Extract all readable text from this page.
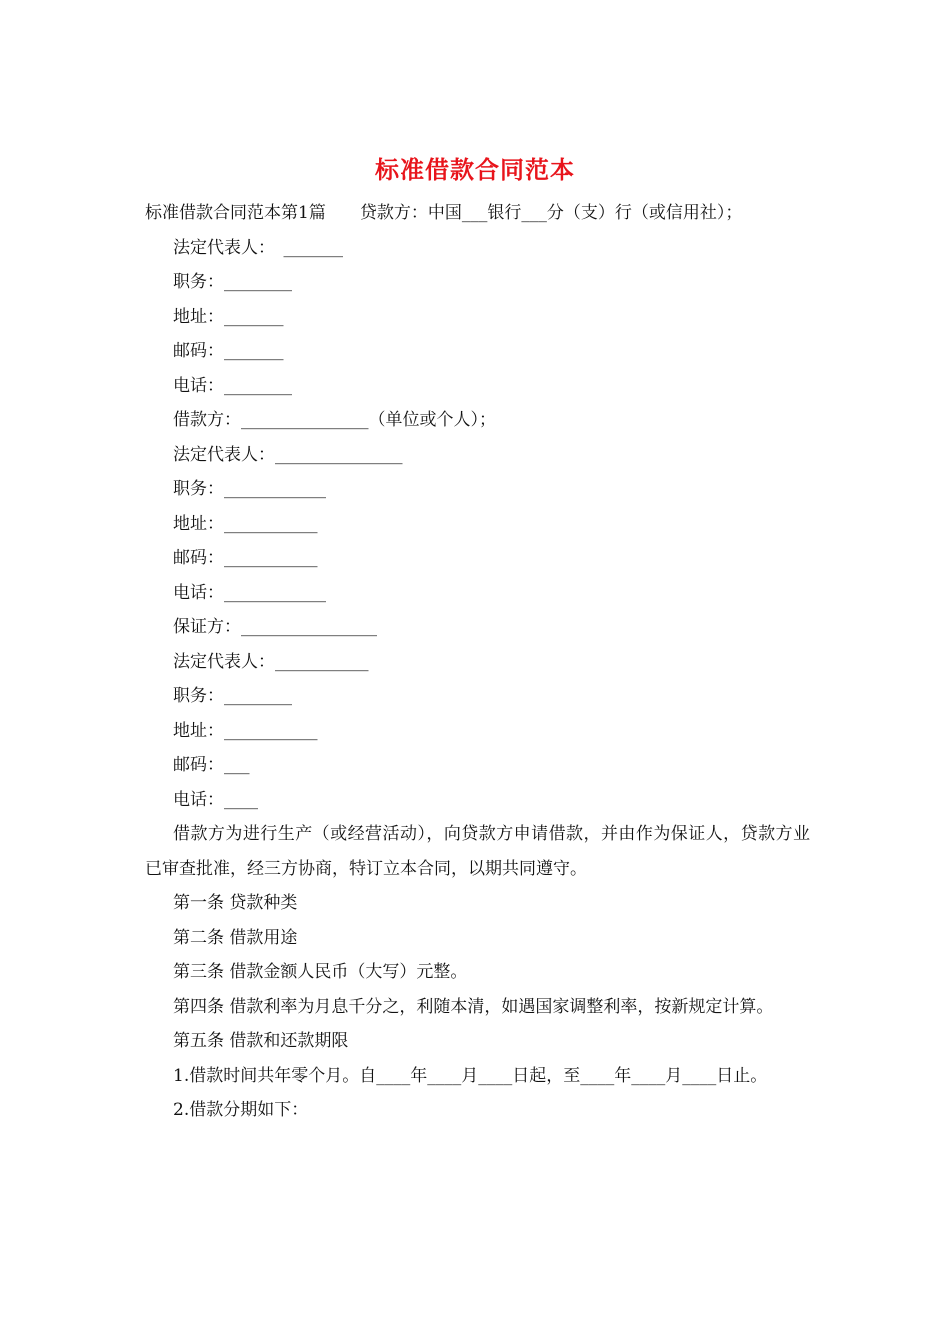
标准借款合同范本
标准借款合同范本第1篇　　贷款方：中国___银行___分（支）行（或信用社）；
法定代表人：　_______
职务：________
地址：_______
邮码：_______
电话：________
借款方：_______________（单位或个人）；
法定代表人：_______________
职务：____________
地址：___________
邮码：___________
电话：____________
保证方：________________
法定代表人：___________
职务：________
地址：___________
邮码：___
电话：____
借款方为进行生产（或经营活动），向贷款方申请借款，并由作为保证人，贷款方业已审查批准，经三方协商，特订立本合同，以期共同遵守。
第一条 贷款种类
第二条 借款用途
第三条 借款金额人民币（大写）元整。
第四条 借款利率为月息千分之，利随本清，如遇国家调整利率，按新规定计算。
第五条 借款和还款期限
1.借款时间共年零个月。自____年____月____日起，至____年____月____日止。
2.借款分期如下：
